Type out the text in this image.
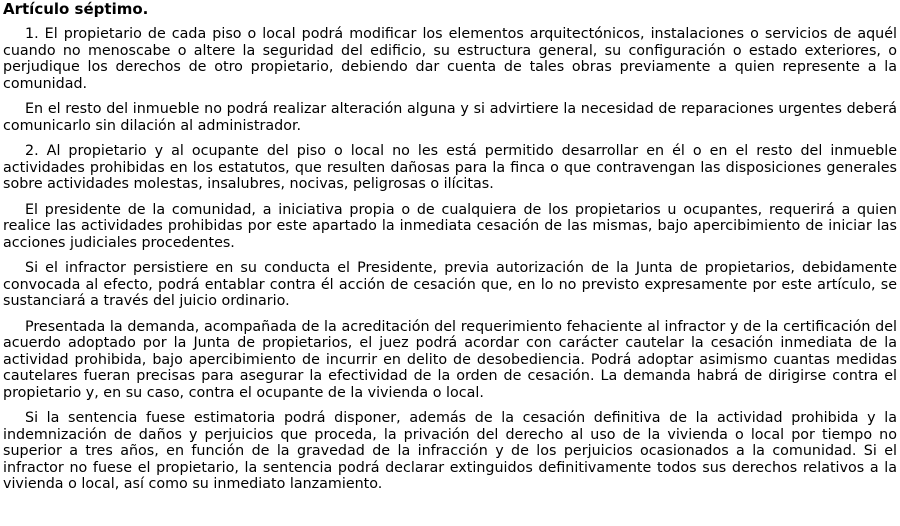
Artículo séptimo.

1. El propietario de cada piso o local podrá modificar los elementos arquitectónicos, instalaciones o servicios de aquél cuando no menoscabe o altere la seguridad del edificio, su estructura general, su configuración o estado exteriores, o perjudique los derechos de otro propietario, debiendo dar cuenta de tales obras previamente a quien represente a la comunidad.

En el resto del inmueble no podrá realizar alteración alguna y si advirtiere la necesidad de reparaciones urgentes deberá comunicarlo sin dilación al administrador.

2. Al propietario y al ocupante del piso o local no les está permitido desarrollar en él o en el resto del inmueble actividades prohibidas en los estatutos, que resulten dañosas para la finca o que contravengan las disposiciones generales sobre actividades molestas, insalubres, nocivas, peligrosas o ilícitas.

El presidente de la comunidad, a iniciativa propia o de cualquiera de los propietarios u ocupantes, requerirá a quien realice las actividades prohibidas por este apartado la inmediata cesación de las mismas, bajo apercibimiento de iniciar las acciones judiciales procedentes.

Si el infractor persistiere en su conducta el Presidente, previa autorización de la Junta de propietarios, debidamente convocada al efecto, podrá entablar contra él acción de cesación que, en lo no previsto expresamente por este artículo, se sustanciará a través del juicio ordinario.

Presentada la demanda, acompañada de la acreditación del requerimiento fehaciente al infractor y de la certificación del acuerdo adoptado por la Junta de propietarios, el juez podrá acordar con carácter cautelar la cesación inmediata de la actividad prohibida, bajo apercibimiento de incurrir en delito de desobediencia. Podrá adoptar asimismo cuantas medidas cautelares fueran precisas para asegurar la efectividad de la orden de cesación. La demanda habrá de dirigirse contra el propietario y, en su caso, contra el ocupante de la vivienda o local.

Si la sentencia fuese estimatoria podrá disponer, además de la cesación definitiva de la actividad prohibida y la indemnización de daños y perjuicios que proceda, la privación del derecho al uso de la vivienda o local por tiempo no superior a tres años, en función de la gravedad de la infracción y de los perjuicios ocasionados a la comunidad. Si el infractor no fuese el propietario, la sentencia podrá declarar extinguidos definitivamente todos sus derechos relativos a la vivienda o local, así como su inmediato lanzamiento.
